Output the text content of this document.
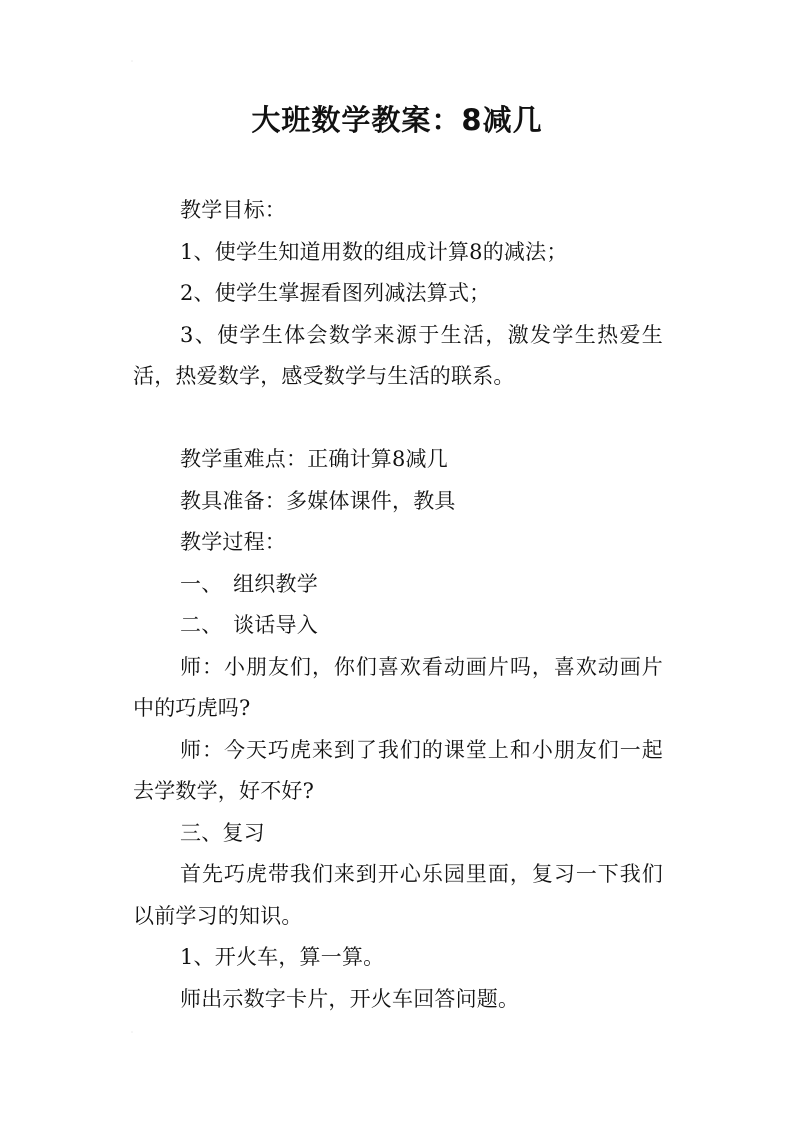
˙
˙
大班数学教案：8减几

教学目标：

1、使学生知道用数的组成计算8的减法；

2、使学生掌握看图列减法算式；

3、使学生体会数学来源于生活，激发学生热爱生活，热爱数学，感受数学与生活的联系。

教学重难点：正确计算8减几

教具准备：多媒体课件，教具

教学过程：

一、　组织教学

二、　谈话导入

师：小朋友们，你们喜欢看动画片吗，喜欢动画片中的巧虎吗?

师：今天巧虎来到了我们的课堂上和小朋友们一起去学数学，好不好?

三、复习

首先巧虎带我们来到开心乐园里面，复习一下我们以前学习的知识。

1、开火车，算一算。

师出示数字卡片，开火车回答问题。
